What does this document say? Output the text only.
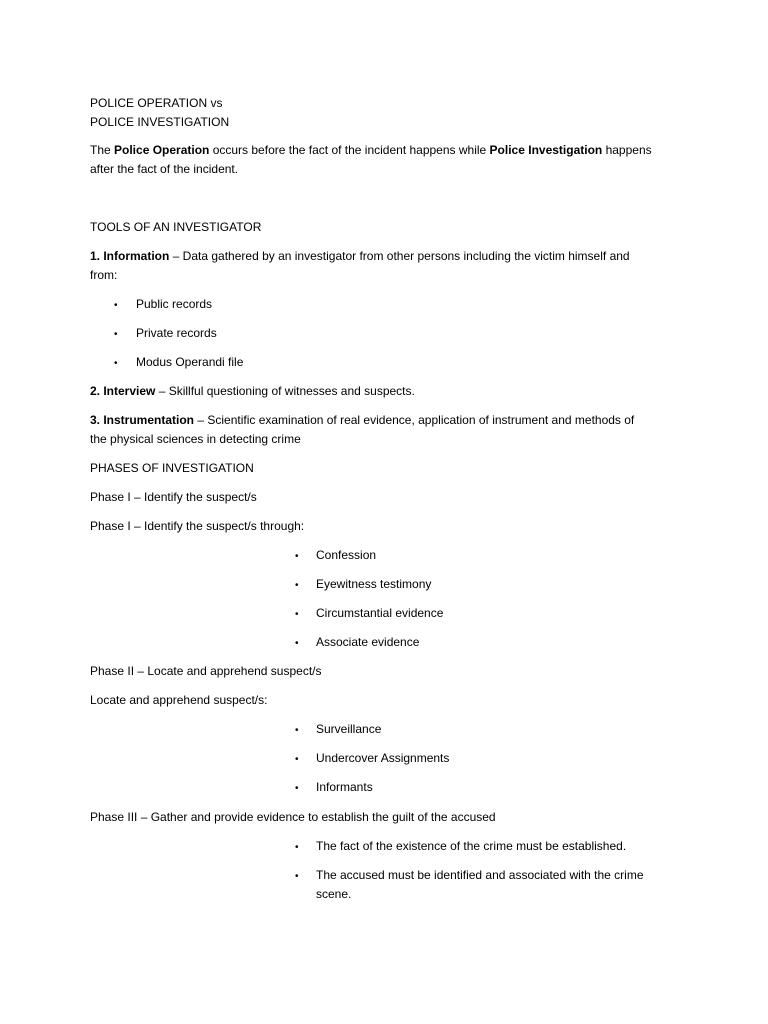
POLICE OPERATION vs
POLICE INVESTIGATION
The Police Operation occurs before the fact of the incident happens while Police Investigation happens
after the fact of the incident.
TOOLS OF AN INVESTIGATOR
1. Information – Data gathered by an investigator from other persons including the victim himself and
from:
• Public records
• Private records
• Modus Operandi file
2. Interview – Skillful questioning of witnesses and suspects.
3. Instrumentation – Scientific examination of real evidence, application of instrument and methods of
the physical sciences in detecting crime
PHASES OF INVESTIGATION
Phase I – Identify the suspect/s
Phase I – Identify the suspect/s through:
• Confession
• Eyewitness testimony
• Circumstantial evidence
• Associate evidence
Phase II – Locate and apprehend suspect/s
Locate and apprehend suspect/s:
• Surveillance
• Undercover Assignments
• Informants
Phase III – Gather and provide evidence to establish the guilt of the accused
• The fact of the existence of the crime must be established.
• The accused must be identified and associated with the crime
scene.
